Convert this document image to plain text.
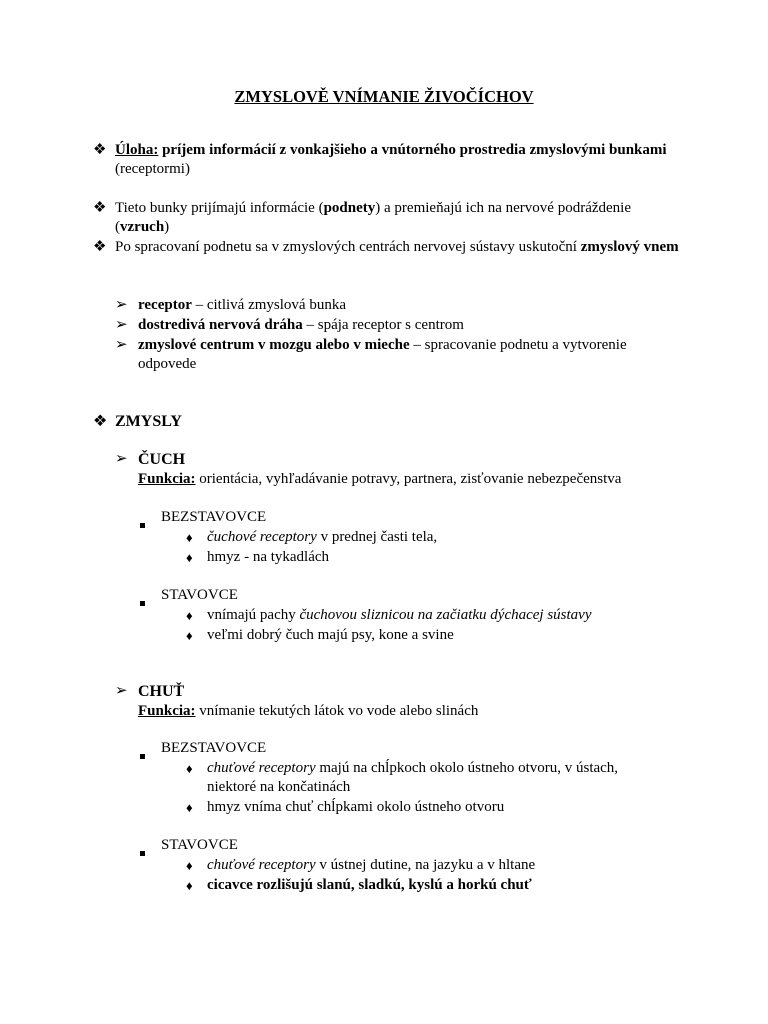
ZMYSLOVĚ VNÍMANIE ŽIVOČÍCHOV
❖ Úloha: príjem informácií z vonkajšieho a vnútorného prostredia zmyslovými bunkami (receptormi)
❖ Tieto bunky prijímajú informácie (podnety) a premieňajú ich na nervové podráždenie (vzruch)
❖ Po spracovaní podnetu sa v zmyslových centrách nervovej sústavy uskutoční zmyslový vnem
➢ receptor – citlivá zmyslová bunka
➢ dostredivá nervová dráha – spája receptor s centrom
➢ zmyslové centrum v mozgu alebo v mieche – spracovanie podnetu a vytvorenie odpovede
❖ ZMYSLY
➢ ČUCH
Funkcia: orientácia, vyhľadávanie potravy, partnera, zisťovanie nebezpečenstva
BEZSTAVOVCE
♦ čuchové receptory v prednej časti tela,
♦ hmyz - na tykadlách
STAVOVCE
♦ vnímajú pachy čuchovou sliznicou na začiatku dýchacej sústavy
♦ veľmi dobrý čuch majú psy, kone a svine
➢ CHUŤ
Funkcia: vnímanie tekutých látok vo vode alebo slinách
BEZSTAVOVCE
♦ chuťové receptory majú na chĺpkoch okolo ústneho otvoru, v ústach,
niektoré na končatinách
♦ hmyz vníma chuť chĺpkami okolo ústneho otvoru
STAVOVCE
♦ chuťové receptory v ústnej dutine, na jazyku a v hltane
♦ cicavce rozlišujú slanú, sladkú, kyslú a horkú chuť
